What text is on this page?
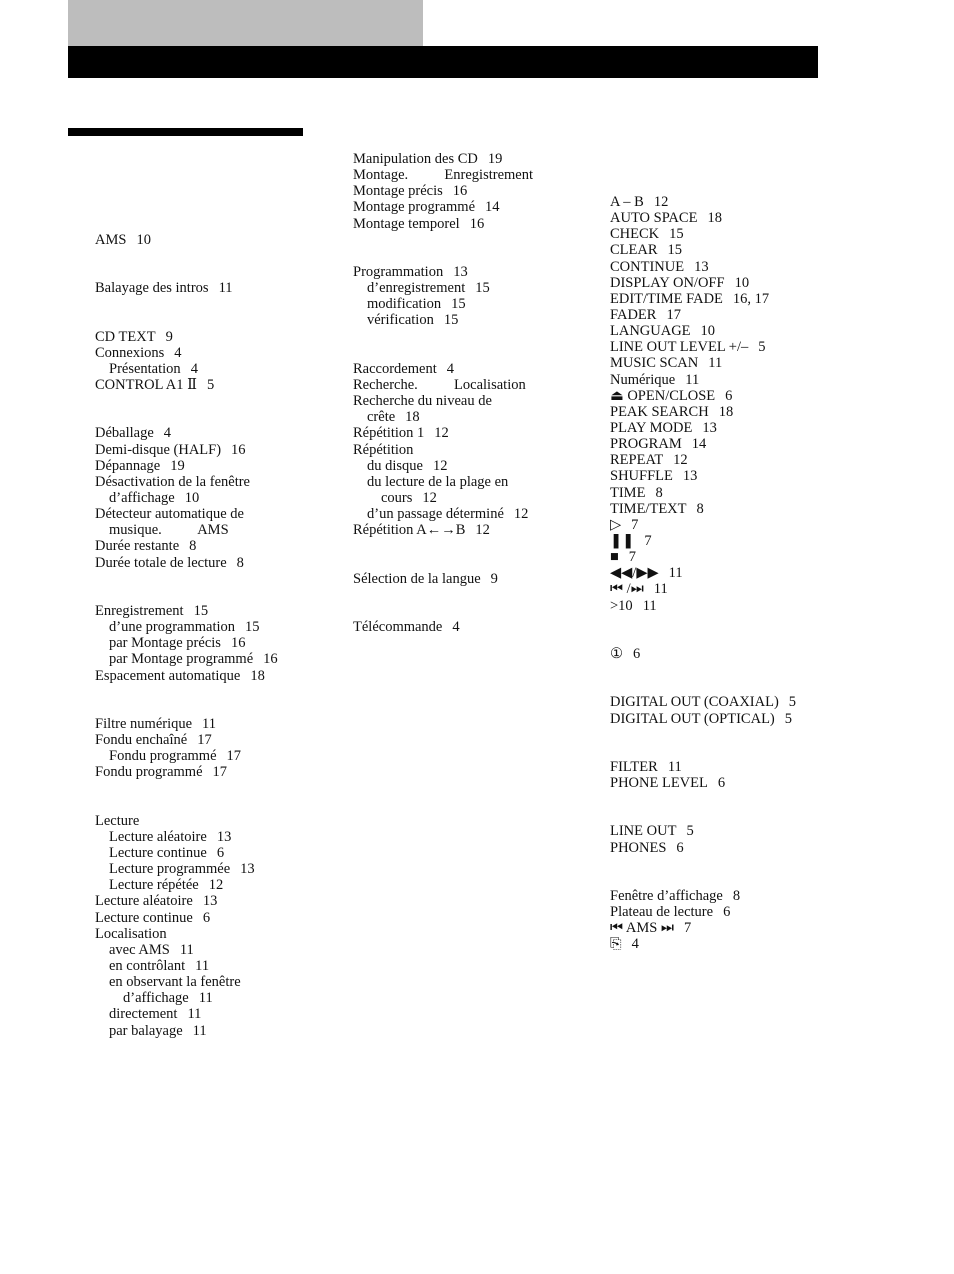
AMS 10
Balayage des intros 11
CD TEXT 9
Connexions 4
Présentation 4
CONTROL A1 Ⅱ 5
Déballage 4
Demi-disque (HALF) 16
Dépannage 19
Désactivation de la fenêtre
d’affichage 10
Détecteur automatique de
musique.          AMS
Durée restante 8
Durée totale de lecture 8
Enregistrement 15
d’une programmation 15
par Montage précis 16
par Montage programmé 16
Espacement automatique 18
Filtre numérique 11
Fondu enchaîné 17
Fondu programmé 17
Fondu programmé 17
Lecture
Lecture aléatoire 13
Lecture continue 6
Lecture programmée 13
Lecture répétée 12
Lecture aléatoire 13
Lecture continue 6
Localisation
avec AMS 11
en contrôlant 11
en observant la fenêtre
d’affichage 11
directement 11
par balayage 11
Manipulation des CD 19
Montage.          Enregistrement
Montage précis 16
Montage programmé 14
Montage temporel 16
Programmation 13
d’enregistrement 15
modification 15
vérification 15
Raccordement 4
Recherche.          Localisation
Recherche du niveau de
crête 18
Répétition 1 12
Répétition
du disque 12
du lecture de la plage en
cours 12
d’un passage déterminé 12
Répétition A←→B 12
Sélection de la langue 9
Télécommande 4
A – B 12
AUTO SPACE 18
CHECK 15
CLEAR 15
CONTINUE 13
DISPLAY ON/OFF 10
EDIT/TIME FADE 16, 17
FADER 17
LANGUAGE 10
LINE OUT LEVEL +/– 5
MUSIC SCAN 11
Numérique 11
⏏ OPEN/CLOSE 6
PEAK SEARCH 18
PLAY MODE 13
PROGRAM 14
REPEAT 12
SHUFFLE 13
TIME 8
TIME/TEXT 8
▷ 7
❚❚ 7
■ 7
◀◀/▶▶ 11
⏮ /⏭ 11
>10 11
① 6
DIGITAL OUT (COAXIAL) 5
DIGITAL OUT (OPTICAL) 5
FILTER 11
PHONE LEVEL 6
LINE OUT 5
PHONES 6
Fenêtre d’affichage 8
Plateau de lecture 6
⏮ AMS ⏭ 7
⎘ 4
